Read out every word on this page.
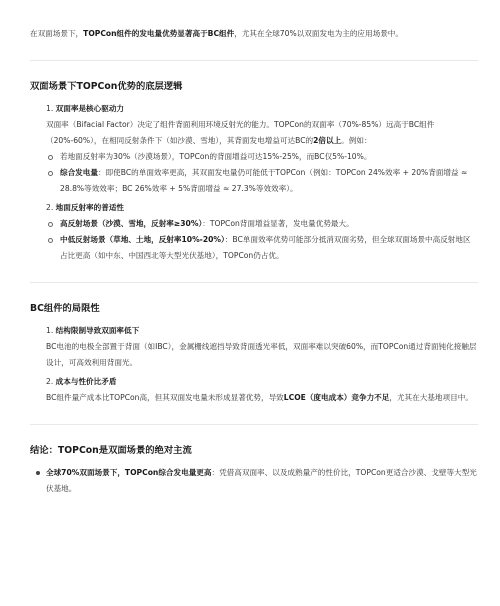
在双面场景下，TOPCon组件的发电量优势显著高于BC组件，尤其在全球70%以双面发电为主的应用场景中。

双面场景下TOPCon优势的底层逻辑
1. 双面率是核心驱动力
双面率（Bifacial Factor）决定了组件背面利用环境反射光的能力。TOPCon的双面率（70%-85%）远高于BC组件（20%-60%），在相同反射条件下（如沙漠、雪地），其背面发电增益可达BC的2倍以上。例如：
若地面反射率为30%（沙漠场景），TOPCon的背面增益可达15%-25%，而BC仅5%-10%。
综合发电量：即使BC的单面效率更高，其双面发电量仍可能低于TOPCon（例如：TOPCon 24%效率 + 20%背面增益 ≈ 28.8%等效效率；BC 26%效率 + 5%背面增益 ≈ 27.3%等效效率）。
2. 地面反射率的普适性
高反射场景（沙漠、雪地，反射率≥30%）：TOPCon背面增益显著，发电量优势最大。
中低反射场景（草地、土地，反射率10%-20%）：BC单面效率优势可能部分抵消双面劣势，但全球双面场景中高反射地区占比更高（如中东、中国西北等大型光伏基地），TOPCon仍占优。
BC组件的局限性
1. 结构限制导致双面率低下
BC电池的电极全部置于背面（如IBC），金属栅线遮挡导致背面透光率低，双面率难以突破60%，而TOPCon通过背面钝化接触层设计，可高效利用背面光。
2. 成本与性价比矛盾
BC组件量产成本比TOPCon高，但其双面发电量未形成显著优势，导致LCOE（度电成本）竞争力不足，尤其在大基地项目中。
结论：TOPCon是双面场景的绝对主流
全球70%双面场景下，TOPCon综合发电量更高：凭借高双面率、以及成熟量产的性价比，TOPCon更适合沙漠、戈壁等大型光伏基地。
